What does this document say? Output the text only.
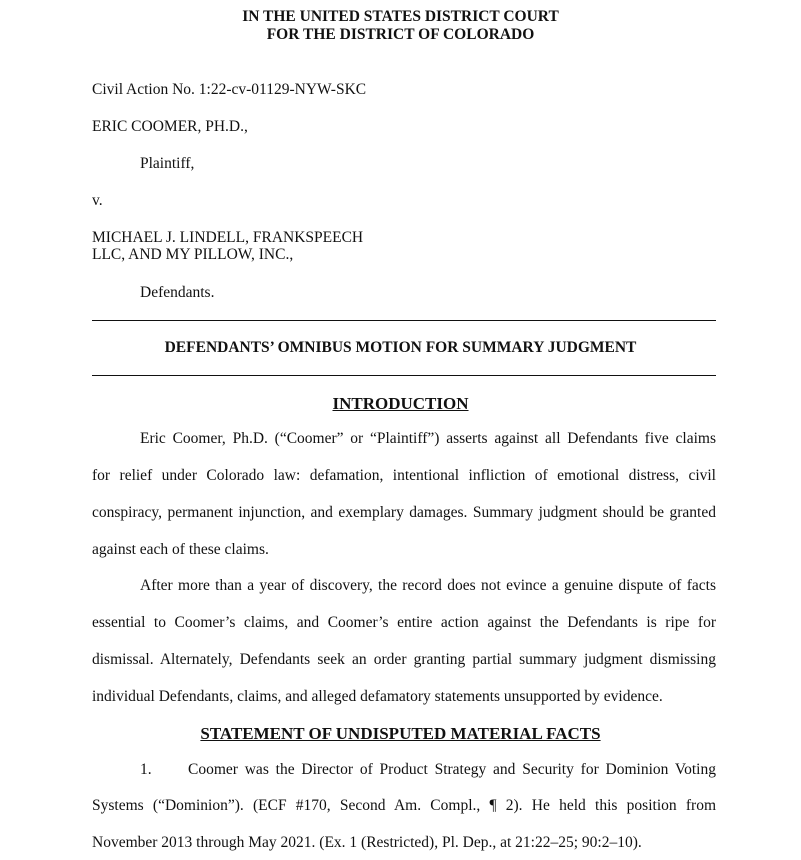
IN THE UNITED STATES DISTRICT COURT
FOR THE DISTRICT OF COLORADO
Civil Action No. 1:22-cv-01129-NYW-SKC
ERIC COOMER, PH.D.,
Plaintiff,
v.
MICHAEL J. LINDELL, FRANKSPEECH
LLC, AND MY PILLOW, INC.,
Defendants.
DEFENDANTS’ OMNIBUS MOTION FOR SUMMARY JUDGMENT
INTRODUCTION
Eric Coomer, Ph.D. (“Coomer” or “Plaintiff”) asserts against all Defendants five claims
for relief under Colorado law: defamation, intentional infliction of emotional distress, civil
conspiracy, permanent injunction, and exemplary damages. Summary judgment should be granted
against each of these claims.
After more than a year of discovery, the record does not evince a genuine dispute of facts
essential to Coomer’s claims, and Coomer’s entire action against the Defendants is ripe for
dismissal. Alternately, Defendants seek an order granting partial summary judgment dismissing
individual Defendants, claims, and alleged defamatory statements unsupported by evidence.
STATEMENT OF UNDISPUTED MATERIAL FACTS
1. Coomer was the Director of Product Strategy and Security for Dominion Voting
Systems (“Dominion”). (ECF #170, Second Am. Compl., ¶ 2). He held this position from
November 2013 through May 2021. (Ex. 1 (Restricted), Pl. Dep., at 21:22–25; 90:2–10).
